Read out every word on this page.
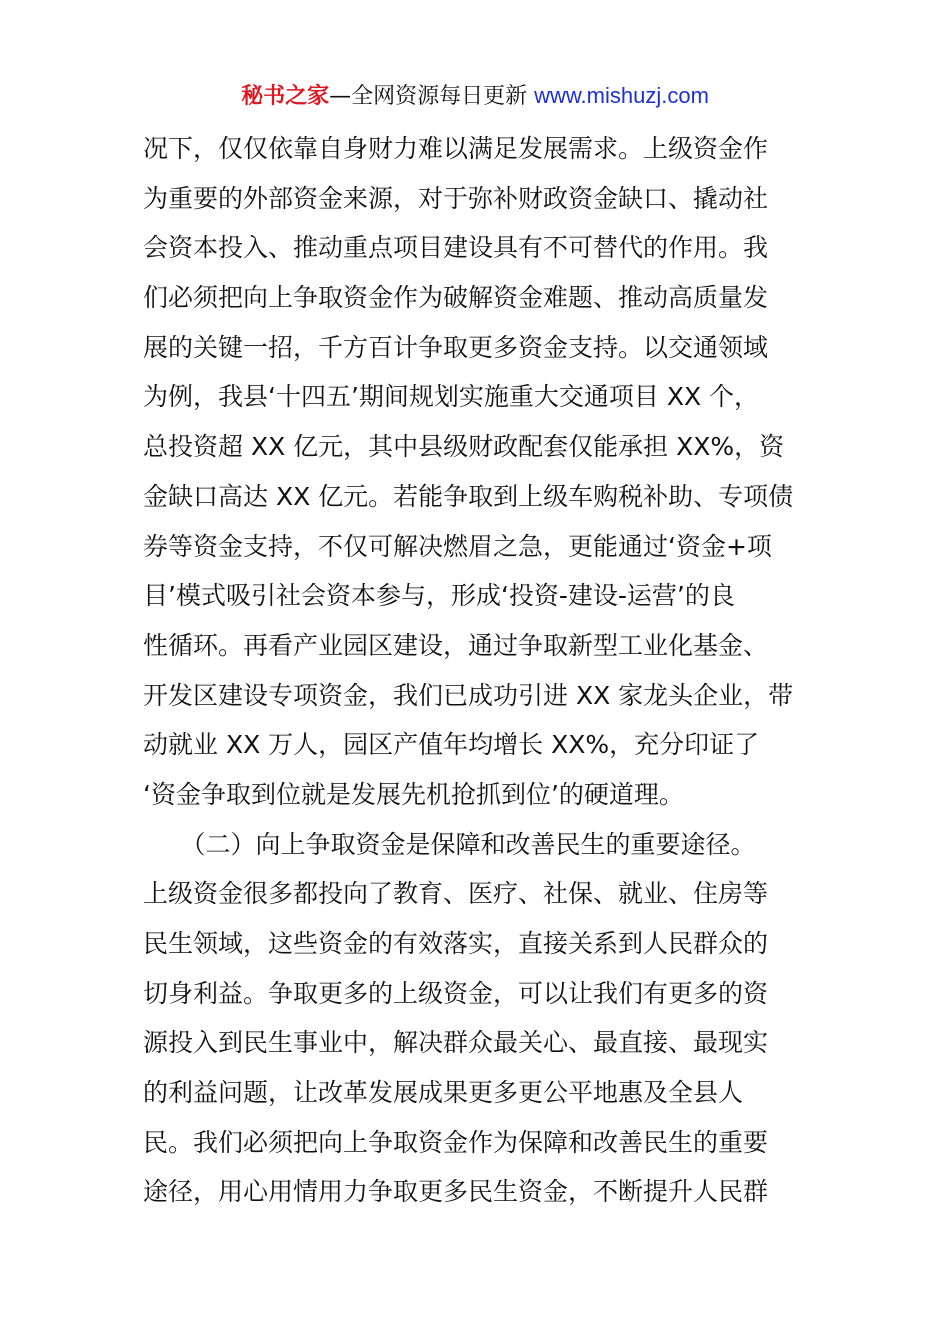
秘书之家—全网资源每日更新 www.mishuzj.com
况下，仅仅依靠自身财力难以满足发展需求。上级资金作
为重要的外部资金来源，对于弥补财政资金缺口、撬动社
会资本投入、推动重点项目建设具有不可替代的作用。我
们必须把向上争取资金作为破解资金难题、推动高质量发
展的关键一招，千方百计争取更多资金支持。以交通领域
为例，我县‘十四五’期间规划实施重大交通项目 XX 个，
总投资超 XX 亿元，其中县级财政配套仅能承担 XX%，资
金缺口高达 XX 亿元。若能争取到上级车购税补助、专项债
券等资金支持，不仅可解决燃眉之急，更能通过‘资金+项
目’模式吸引社会资本参与，形成‘投资-建设-运营’的良
性循环。再看产业园区建设，通过争取新型工业化基金、
开发区建设专项资金，我们已成功引进 XX 家龙头企业，带
动就业 XX 万人，园区产值年均增长 XX%，充分印证了
‘资金争取到位就是发展先机抢抓到位’的硬道理。
　　（二）向上争取资金是保障和改善民生的重要途径。
上级资金很多都投向了教育、医疗、社保、就业、住房等
民生领域，这些资金的有效落实，直接关系到人民群众的
切身利益。争取更多的上级资金，可以让我们有更多的资
源投入到民生事业中，解决群众最关心、最直接、最现实
的利益问题，让改革发展成果更多更公平地惠及全县人
民。我们必须把向上争取资金作为保障和改善民生的重要
途径，用心用情用力争取更多民生资金，不断提升人民群
